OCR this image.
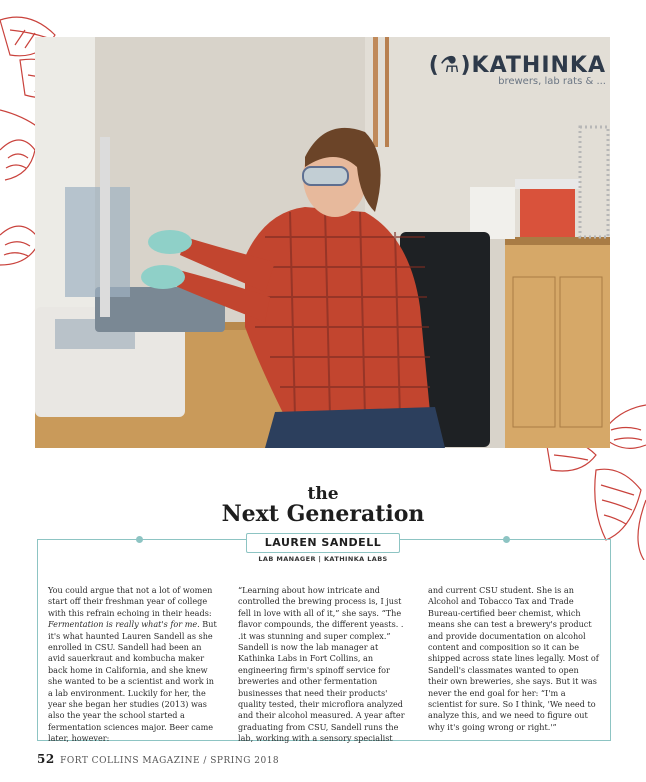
(⚗)KATHINKA
brewers, lab rats & ...
the
Next Generation
LAUREN SANDELL
LAB MANAGER | KATHINKA LABS
You could argue that not a lot of women start off their freshman year of college with this refrain echoing in their heads: Fermentation is really what's for me. But it's what haunted Lauren Sandell as she enrolled in CSU. Sandell had been an avid sauerkraut and kombucha maker back home in California, and she knew she wanted to be a scientist and work in a lab environment. Luckily for her, the year she began her studies (2013) was also the year the school started a fermentation sciences major. Beer came later, however:
“Learning about how intricate and controlled the brewing process is, I just fell in love with all of it,” she says. “The flavor compounds, the different yeasts. . .it was stunning and super complex.” Sandell is now the lab manager at Kathinka Labs in Fort Collins, an engineering firm's spinoff service for breweries and other fermentation businesses that need their products' quality tested, their microflora analyzed and their alcohol measured. A year after graduating from CSU, Sandell runs the lab, working with a sensory specialist
and current CSU student. She is an Alcohol and Tobacco Tax and Trade Bureau-certified beer chemist, which means she can test a brewery's product and provide documentation on alcohol content and composition so it can be shipped across state lines legally. Most of Sandell's classmates wanted to open their own breweries, she says. But it was never the end goal for her: “I'm a scientist for sure. So I think, 'We need to analyze this, and we need to figure out why it's going wrong or right.'”
52 FORT COLLINS MAGAZINE / SPRING 2018
